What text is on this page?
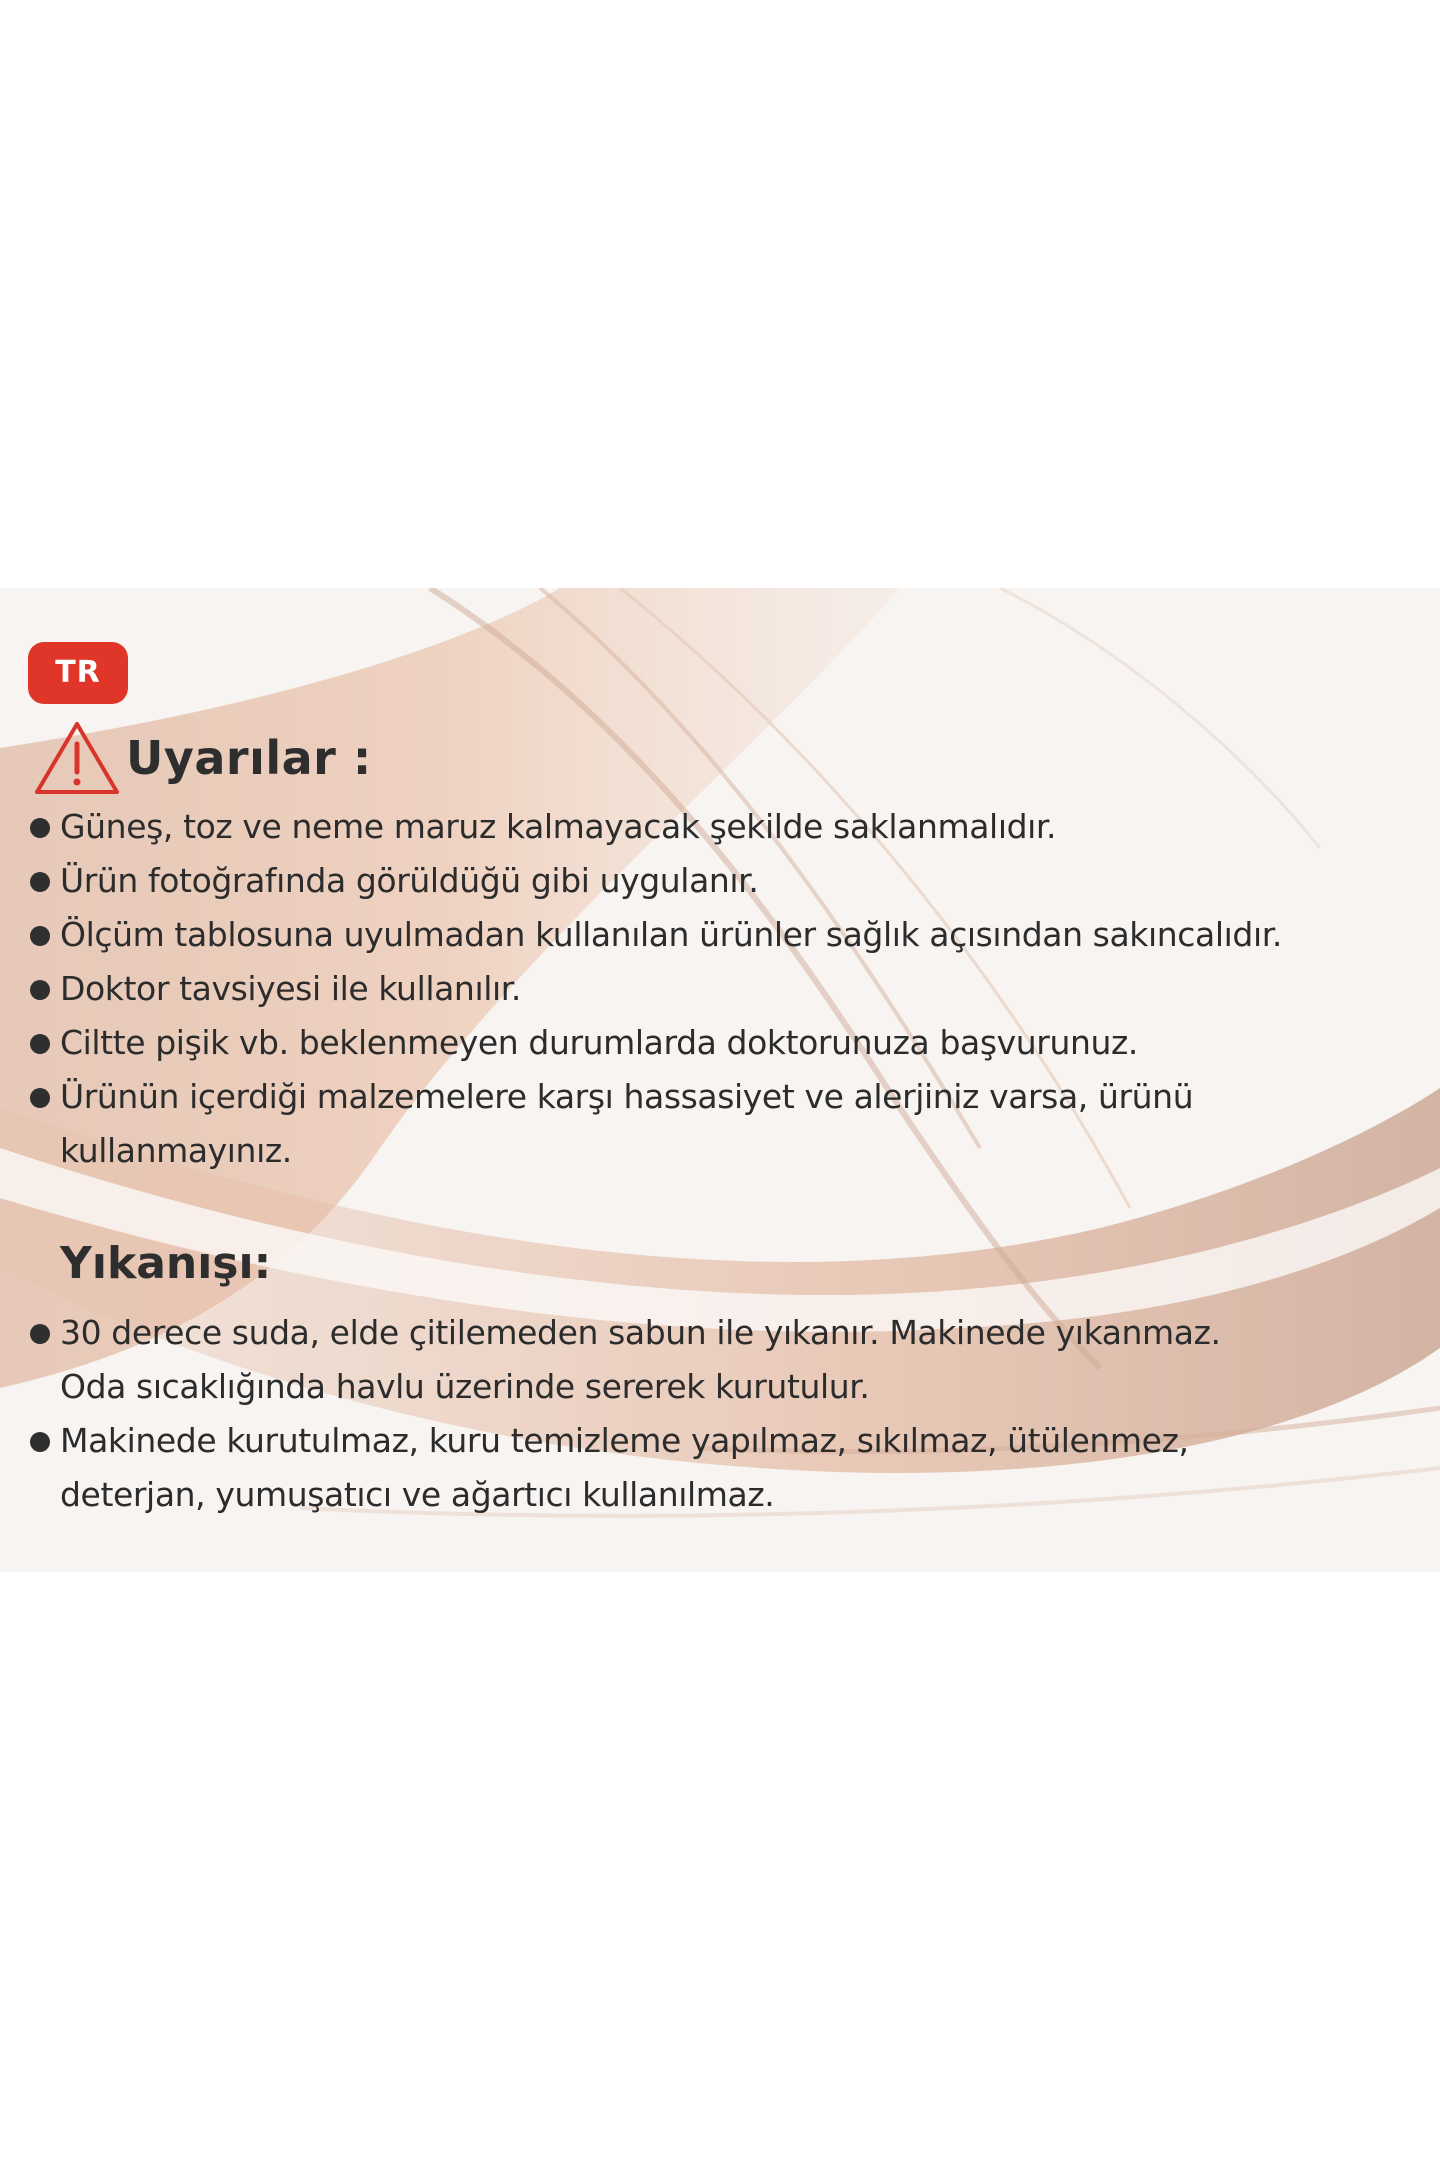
TR
Uyarılar :
Güneş, toz ve neme maruz kalmayacak şekilde saklanmalıdır.
Ürün fotoğrafında görüldüğü gibi uygulanır.
Ölçüm tablosuna uyulmadan kullanılan ürünler sağlık açısından sakıncalıdır.
Doktor tavsiyesi ile kullanılır.
Ciltte pişik vb. beklenmeyen durumlarda doktorunuza başvurunuz.
Ürünün içerdiği malzemelere karşı hassasiyet ve alerjiniz varsa, ürünü
kullanmayınız.
Yıkanışı:
30 derece suda, elde çitilemeden sabun ile yıkanır. Makinede yıkanmaz.
Oda sıcaklığında havlu üzerinde sererek kurutulur.
Makinede kurutulmaz, kuru temizleme yapılmaz, sıkılmaz, ütülenmez,
deterjan, yumuşatıcı ve ağartıcı kullanılmaz.
